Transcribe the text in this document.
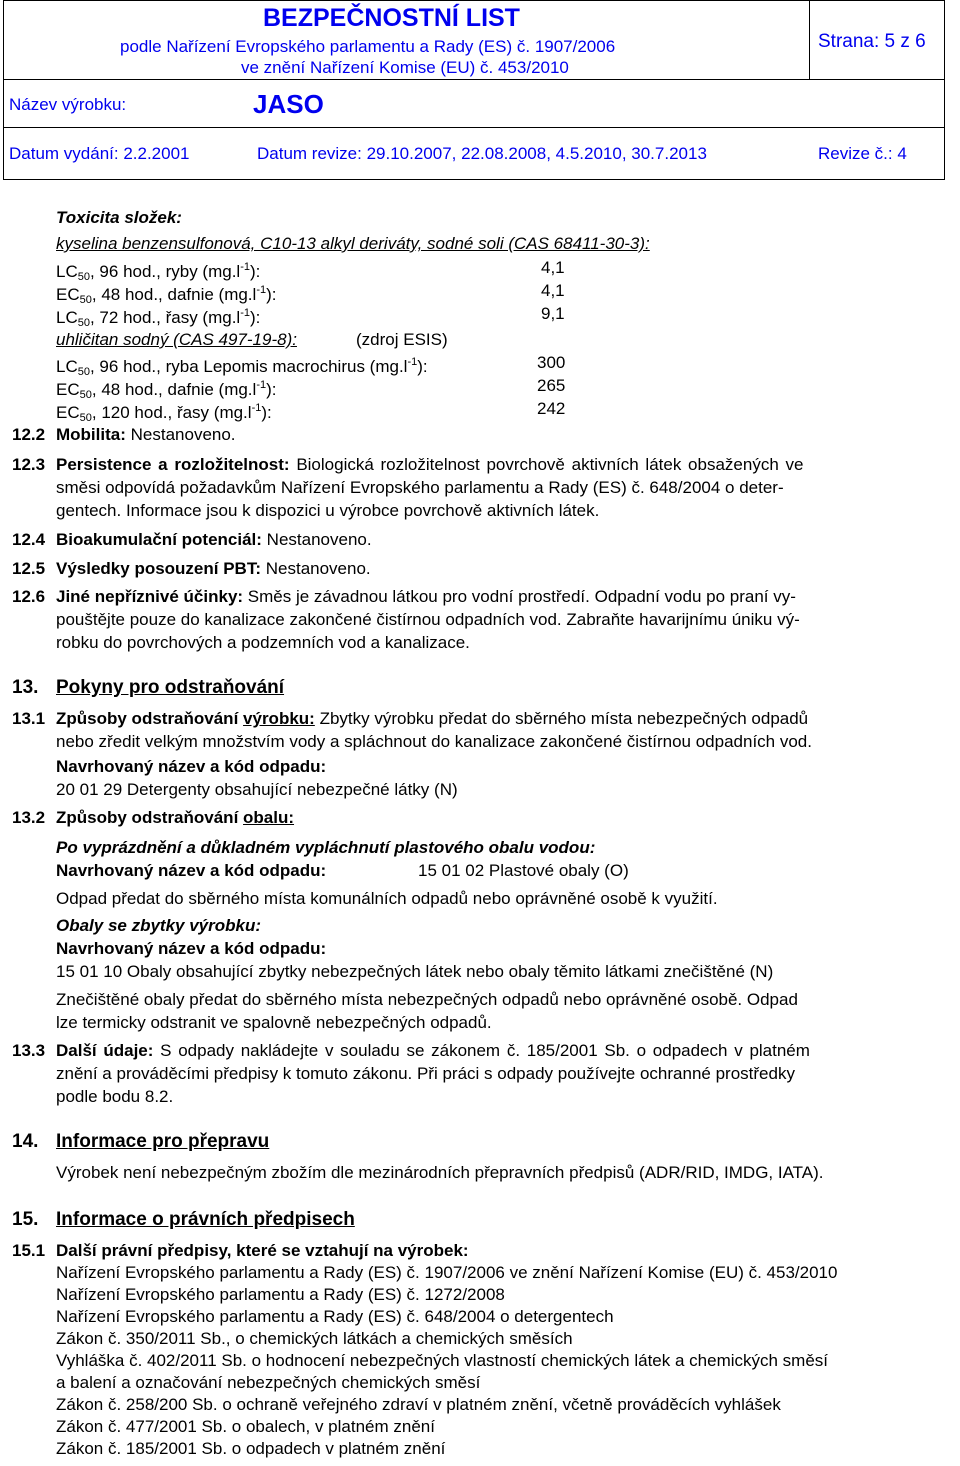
BEZPEČNOSTNÍ LIST
podle Nařízení Evropského parlamentu a Rady (ES) č. 1907/2006
ve znění Nařízení Komise (EU) č. 453/2010
Strana: 5 z 6
Název výrobku:	JASO
Datum vydání: 2.2.2001	Datum revize: 29.10.2007, 22.08.2008, 4.5.2010, 30.7.2013	Revize č.: 4
Toxicita složek:
kyselina benzensulfonová, C10-13 alkyl deriváty, sodné soli (CAS 68411-30-3):
$LC_{50}$, 96 hod., ryby $(mg.l^{-1})$:	4,1
$EC_{50}$, 48 hod., dafnie $(mg.l^{-1})$:	4,1
$LC_{50}$, 72 hod., řasy $(mg.l^{-1})$:	9,1
uhličitan sodný (CAS 497-19-8):	(zdroj ESIS)
$LC_{50}$, 96 hod., ryba Lepomis macrochirus $(mg.l^{-1})$:	300
$EC_{50}$, 48 hod., dafnie $(mg.l^{-1})$:	265
$EC_{50}$, 120 hod., řasy $(mg.l^{-1})$:	242
12.2 Mobilita: Nestanoveno.
12.3 Persistence a rozložitelnost: Biologická rozložitelnost povrchově aktivních látek obsažených ve
směsi odpovídá požadavkům Nařízení Evropského parlamentu a Rady (ES) č. 648/2004 o deter-
gentech. Informace jsou k dispozici u výrobce povrchově aktivních látek.
12.4 Bioakumulační potenciál: Nestanoveno.
12.5 Výsledky posouzení PBT: Nestanoveno.
12.6 Jiné nepříznivé účinky: Směs je závadnou látkou pro vodní prostředí. Odpadní vodu po praní vy-
pouštějte pouze do kanalizace zakončené čistírnou odpadních vod. Zabraňte havarijnímu úniku vý-
robku do povrchových a podzemních vod a kanalizace.
13. Pokyny pro odstraňování
13.1 Způsoby odstraňování výrobku: Zbytky výrobku předat do sběrného místa nebezpečných odpadů
nebo zředit velkým množstvím vody a spláchnout do kanalizace zakončené čistírnou odpadních vod.
Navrhovaný název a kód odpadu:
20 01 29 Detergenty obsahující nebezpečné látky (N)
13.2 Způsoby odstraňování obalu:
Po vyprázdnění a důkladném vypláchnutí plastového obalu vodou:
Navrhovaný název a kód odpadu:	15 01 02 Plastové obaly (O)
Odpad předat do sběrného místa komunálních odpadů nebo oprávněné osobě k využití.
Obaly se zbytky výrobku:
Navrhovaný název a kód odpadu:
15 01 10 Obaly obsahující zbytky nebezpečných látek nebo obaly těmito látkami znečištěné (N)
Znečištěné obaly předat do sběrného místa nebezpečných odpadů nebo oprávněné osobě. Odpad
lze termicky odstranit ve spalovně nebezpečných odpadů.
13.3 Další údaje: S odpady nakládejte v souladu se zákonem č. 185/2001 Sb. o odpadech v platném
znění a prováděcími předpisy k tomuto zákonu. Při práci s odpady používejte ochranné prostředky
podle bodu 8.2.
14. Informace pro přepravu
Výrobek není nebezpečným zbožím dle mezinárodních přepravních předpisů (ADR/RID, IMDG, IATA).
15. Informace o právních předpisech
15.1 Další právní předpisy, které se vztahují na výrobek:
Nařízení Evropského parlamentu a Rady (ES) č. 1907/2006 ve znění Nařízení Komise (EU) č. 453/2010
Nařízení Evropského parlamentu a Rady (ES) č. 1272/2008
Nařízení Evropského parlamentu a Rady (ES) č. 648/2004 o detergentech
Zákon č. 350/2011 Sb., o chemických látkách a chemických směsích
Vyhláška č. 402/2011 Sb. o hodnocení nebezpečných vlastností chemických látek a chemických směsí
a balení a označování nebezpečných chemických směsí
Zákon č. 258/200 Sb. o ochraně veřejného zdraví v platném znění, včetně prováděcích vyhlášek
Zákon č. 477/2001 Sb. o obalech, v platném znění
Zákon č. 185/2001 Sb. o odpadech v platném znění
